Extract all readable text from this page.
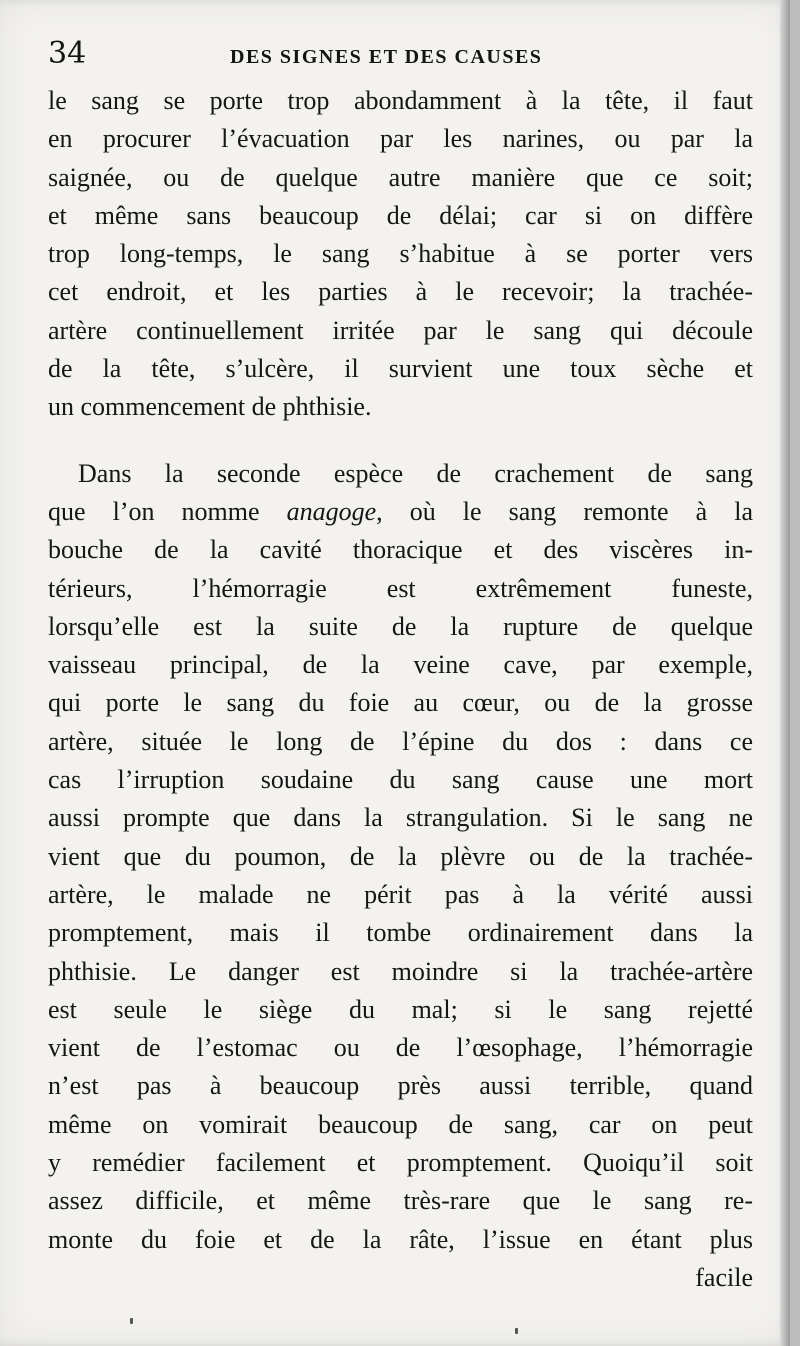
34	DES SIGNES ET DES CAUSES
le sang se porte trop abondamment à la tête, il faut
en procurer l’évacuation par les narines, ou par la
saignée, ou de quelque autre manière que ce soit;
et même sans beaucoup de délai; car si on diffère
trop long-temps, le sang s’habitue à se porter vers
cet endroit, et les parties à le recevoir; la trachée-
artère continuellement irritée par le sang qui découle
de la tête, s’ulcère, il survient une toux sèche et
un commencement de phthisie.
Dans la seconde espèce de crachement de sang
que l’on nomme anagoge, où le sang remonte à la
bouche de la cavité thoracique et des viscères in-
térieurs, l’hémorragie est extrêmement funeste,
lorsqu’elle est la suite de la rupture de quelque
vaisseau principal, de la veine cave, par exemple,
qui porte le sang du foie au cœur, ou de la grosse
artère, située le long de l’épine du dos : dans ce
cas l’irruption soudaine du sang cause une mort
aussi prompte que dans la strangulation. Si le sang ne
vient que du poumon, de la plèvre ou de la trachée-
artère, le malade ne périt pas à la vérité aussi
promptement, mais il tombe ordinairement dans la
phthisie. Le danger est moindre si la trachée-artère
est seule le siège du mal; si le sang rejetté
vient de l’estomac ou de l’œsophage, l’hémorragie
n’est pas à beaucoup près aussi terrible, quand
même on vomirait beaucoup de sang, car on peut
y remédier facilement et promptement. Quoiqu’il soit
assez difficile, et même très-rare que le sang re-
monte du foie et de la râte, l’issue en étant plus
facile
